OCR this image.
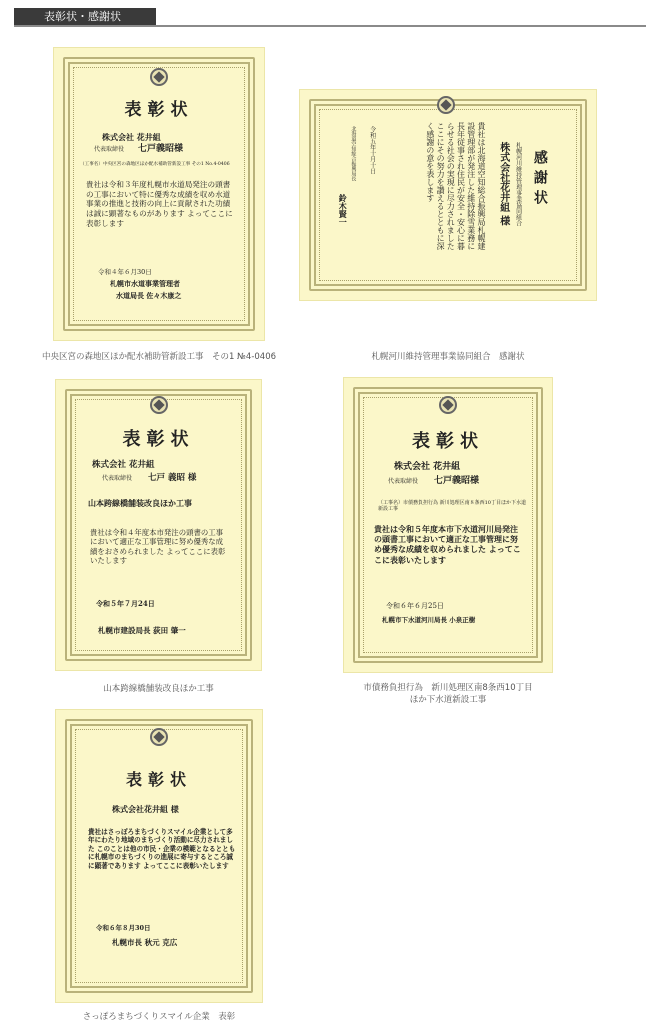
表彰状・感謝状
表彰状
株式会社 花井組
代表取締役 七戸義昭様
（工事名）中央区宮の森地区ほか配水補助管新設工事 その1 No.4-0406
貴社は令和３年度札幌市水道局発注の頭書の工事において特に優秀な成績を収め水道事業の推進と技術の向上に貢献された功績は誠に顕著なものがあります よってここに表彰します
令和４年６月30日
札幌市水道事業管理者
水道局長 佐々木康之
中央区宮の森地区ほか配水補助管新設工事　その1 №4-0406
感謝状
札幌河川維持管理事業協同組合
株式会社花井組 様
貴社は北海道空知総合振興局札幌建設管理部が発注した維持除雪業務に長年従事され住民が安全・安心に暮らせる社会の実現に尽力されましたここにその努力を讃えるとともに深く感謝の意を表します
令和五年十月十日
北海道空知総合振興局長
鈴木賢一
札幌河川維持管理事業協同組合　感謝状
表彰状
株式会社 花井組
代表取締役 七戸 義昭 様
山本跨線橋舗装改良ほか工事
貴社は令和４年度本市発注の頭書の工事において適正な工事管理に努め優秀な成績をおさめられました よってここに表彰いたします
令和５年７月24日
札幌市建設局長 荻田 肇一
山本跨線橋舗装改良ほか工事
表彰状
株式会社 花井組
代表取締役 七戸義昭様
（工事名）市債務負担行為 新川処理区南８条西10丁目ほか下水道新設工事
貴社は令和５年度本市下水道河川局発注の頭書工事において適正な工事管理に努め優秀な成績を収められました よってここに表彰いたします
令和６年６月25日
札幌市下水道河川局長 小泉正樹
市債務負担行為　新川処理区南8条西10丁目
ほか下水道新設工事
表彰状
株式会社花井組 様
貴社はさっぽろまちづくりスマイル企業として多年にわたり地域のまちづくり活動に尽力されました このことは他の市民・企業の模範となるとともに札幌市のまちづくりの進展に寄与するところ誠に顕著であります よってここに表彰いたします
令和６年８月30日
札幌市長 秋元 克広
さっぽろまちづくりスマイル企業　表彰
